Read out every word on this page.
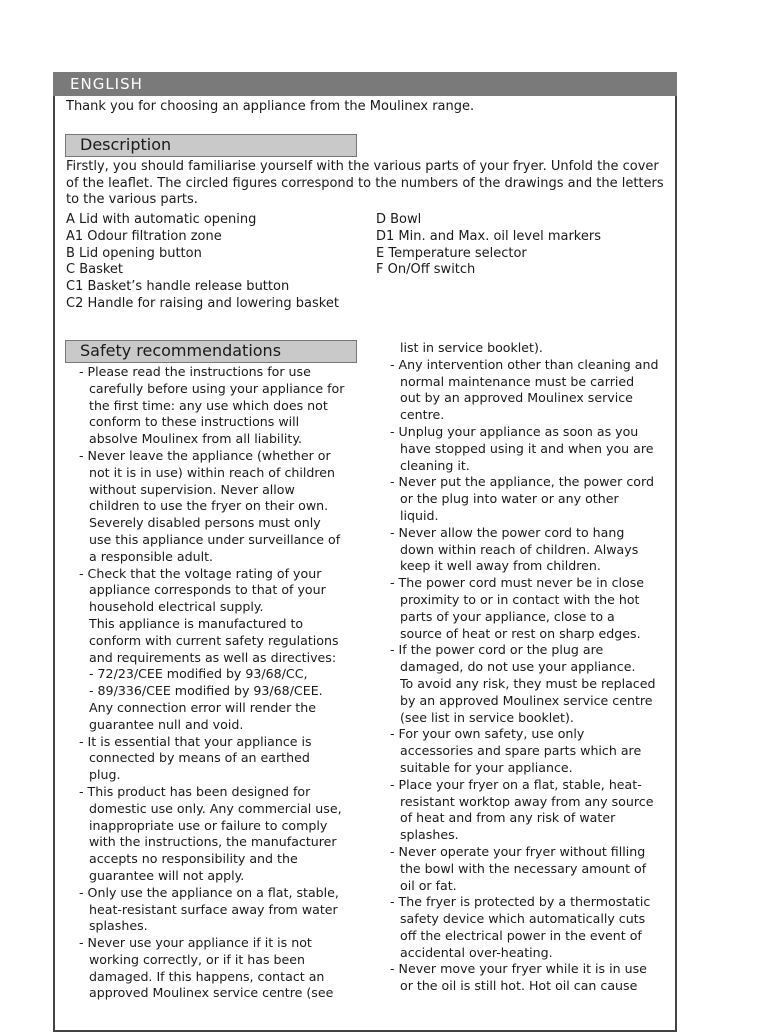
ENGLISH
Thank you for choosing an appliance from the Moulinex range.
Description
Firstly, you should familiarise yourself with the various parts of your fryer. Unfold the cover
of the leaflet. The circled figures correspond to the numbers of the drawings and the letters
to the various parts.
A Lid with automatic opening
A1 Odour filtration zone
B Lid opening button
C Basket
C1 Basket’s handle release button
C2 Handle for raising and lowering basket
D Bowl
D1 Min. and Max. oil level markers
E Temperature selector
F On/Off switch
Safety recommendations
- Please read the instructions for use
carefully before using your appliance for
the first time: any use which does not
conform to these instructions will
absolve Moulinex from all liability.
- Never leave the appliance (whether or
not it is in use) within reach of children
without supervision. Never allow
children to use the fryer on their own.
Severely disabled persons must only
use this appliance under surveillance of
a responsible adult.
- Check that the voltage rating of your
appliance corresponds to that of your
household electrical supply.
This appliance is manufactured to
conform with current safety regulations
and requirements as well as directives:
- 72/23/CEE modified by 93/68/CC,
- 89/336/CEE modified by 93/68/CEE.
Any connection error will render the
guarantee null and void.
- It is essential that your appliance is
connected by means of an earthed
plug.
- This product has been designed for
domestic use only. Any commercial use,
inappropriate use or failure to comply
with the instructions, the manufacturer
accepts no responsibility and the
guarantee will not apply.
- Only use the appliance on a flat, stable,
heat-resistant surface away from water
splashes.
- Never use your appliance if it is not
working correctly, or if it has been
damaged. If this happens, contact an
approved Moulinex service centre (see
list in service booklet).
- Any intervention other than cleaning and
normal maintenance must be carried
out by an approved Moulinex service
centre.
- Unplug your appliance as soon as you
have stopped using it and when you are
cleaning it.
- Never put the appliance, the power cord
or the plug into water or any other
liquid.
- Never allow the power cord to hang
down within reach of children. Always
keep it well away from children.
- The power cord must never be in close
proximity to or in contact with the hot
parts of your appliance, close to a
source of heat or rest on sharp edges.
- If the power cord or the plug are
damaged, do not use your appliance.
To avoid any risk, they must be replaced
by an approved Moulinex service centre
(see list in service booklet).
- For your own safety, use only
accessories and spare parts which are
suitable for your appliance.
- Place your fryer on a flat, stable, heat-
resistant worktop away from any source
of heat and from any risk of water
splashes.
- Never operate your fryer without filling
the bowl with the necessary amount of
oil or fat.
- The fryer is protected by a thermostatic
safety device which automatically cuts
off the electrical power in the event of
accidental over-heating.
- Never move your fryer while it is in use
or the oil is still hot. Hot oil can cause
